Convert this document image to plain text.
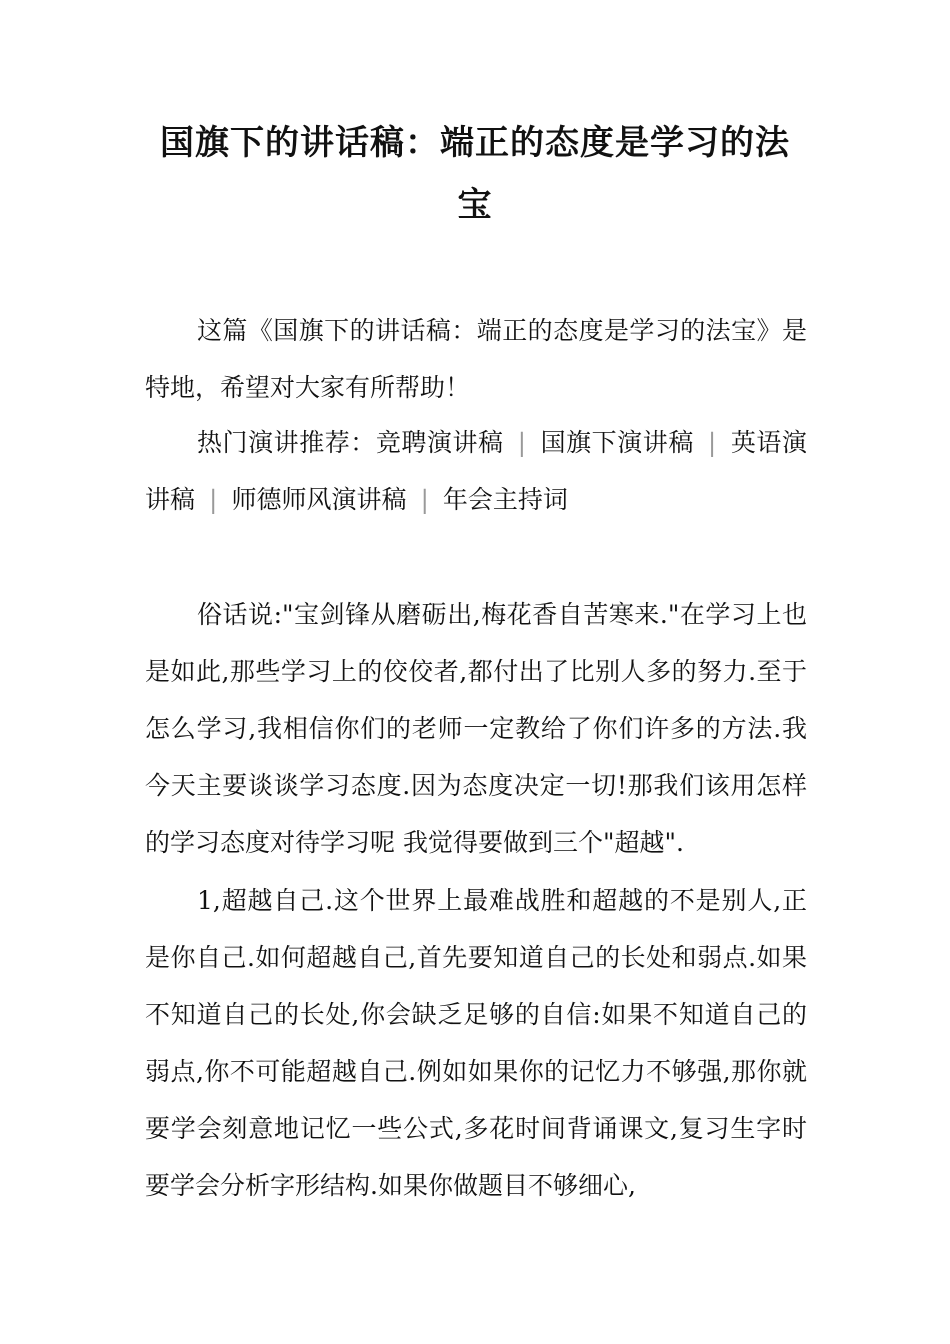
国旗下的讲话稿：端正的态度是学习的法宝

这篇《国旗下的讲话稿：端正的态度是学习的法宝》是特地，希望对大家有所帮助！

热门演讲推荐：竞聘演讲稿 | 国旗下演讲稿 | 英语演讲稿 | 师德师风演讲稿 | 年会主持词

俗话说:"宝剑锋从磨砺出,梅花香自苦寒来."在学习上也是如此,那些学习上的佼佼者,都付出了比别人多的努力.至于怎么学习,我相信你们的老师一定教给了你们许多的方法.我今天主要谈谈学习态度.因为态度决定一切!那我们该用怎样的学习态度对待学习呢 我觉得要做到三个"超越".

1,超越自己.这个世界上最难战胜和超越的不是别人,正是你自己.如何超越自己,首先要知道自己的长处和弱点.如果不知道自己的长处,你会缺乏足够的自信:如果不知道自己的弱点,你不可能超越自己.例如如果你的记忆力不够强,那你就要学会刻意地记忆一些公式,多花时间背诵课文,复习生字时要学会分析字形结构.如果你做题目不够细心,
